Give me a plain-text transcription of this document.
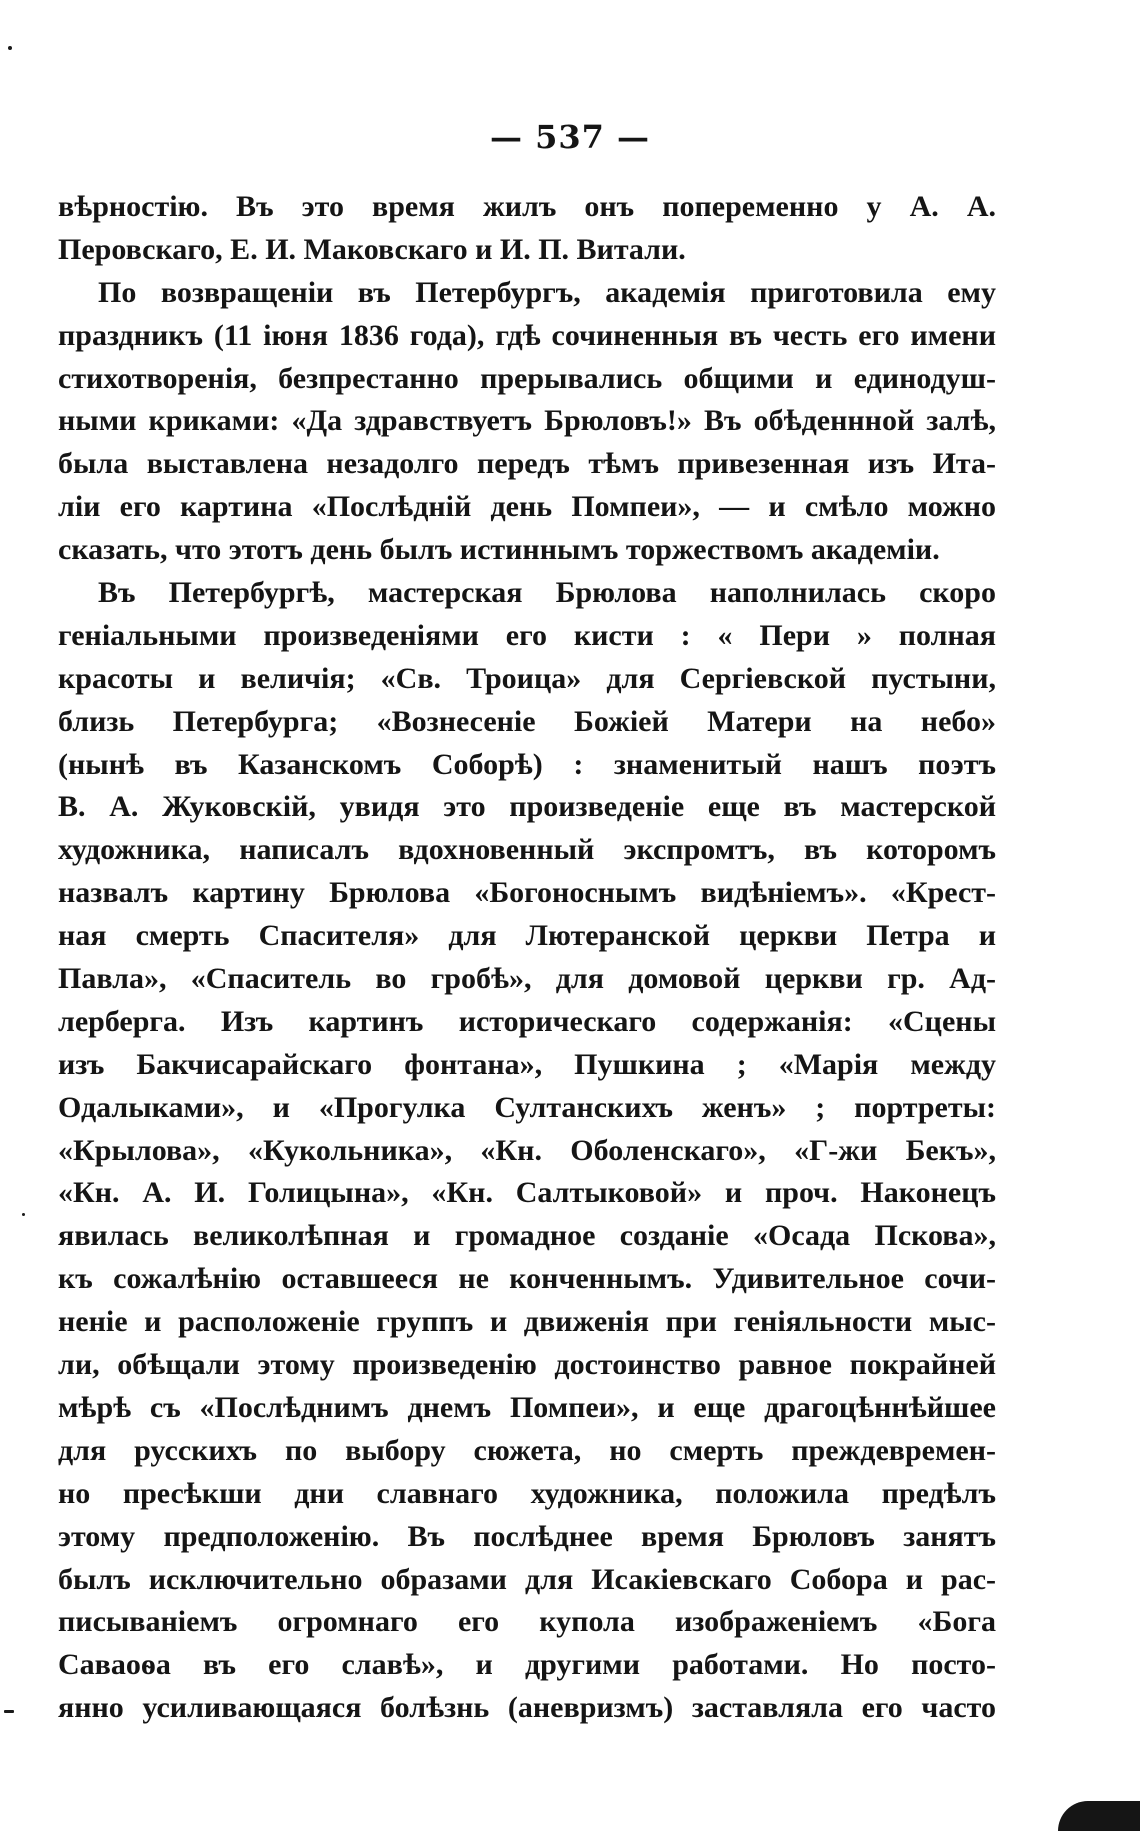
— 537 —
вѣрностію. Въ это время жилъ онъ попеременно у А. А.
Перовскаго, Е. И. Маковскаго и И. П. Витали.
По возвращеніи въ Петербургъ, академія приготовила ему
праздникъ (11 іюня 1836 года), гдѣ сочиненныя въ честь его имени
стихотворенія, безпрестанно прерывались общими и единодуш-
ными криками: «Да здравствуетъ Брюловъ!» Въ обѣденнной залѣ,
была выставлена незадолго передъ тѣмъ привезенная изъ Ита-
ліи его картина «Послѣдній день Помпеи», — и смѣло можно
сказать, что этотъ день былъ истиннымъ торжествомъ академіи.
Въ Петербургѣ, мастерская Брюлова наполнилась скоро
геніальными произведеніями его кисти : « Пери » полная
красоты и величія; «Св. Троица» для Сергіевской пустыни,
близь Петербурга; «Вознесеніе Божіей Матери на небо»
(нынѣ въ Казанскомъ Соборѣ) : знаменитый нашъ поэтъ
В. А. Жуковскій, увидя это произведеніе еще въ мастерской
художника, написалъ вдохновенный экспромтъ, въ которомъ
назвалъ картину Брюлова «Богоноснымъ видѣніемъ». «Крест-
ная смерть Спасителя» для Лютеранской церкви Петра и
Павла», «Спаситель во гробѣ», для домовой церкви гр. Ад-
лерберга. Изъ картинъ историческаго содержанія: «Сцены
изъ Бакчисарайскаго фонтана», Пушкина ; «Марія между
Одалыками», и «Прогулка Султанскихъ женъ» ; портреты:
«Крылова», «Кукольника», «Кн. Оболенскаго», «Г-жи Бекъ»,
«Кн. А. И. Голицына», «Кн. Салтыковой» и проч. Наконецъ
явилась великолѣпная и громадное созданіе «Осада Пскова»,
къ сожалѣнію оставшееся не конченнымъ. Удивительное сочи-
неніе и расположеніе группъ и движенія при геніяльности мыс-
ли, обѣщали этому произведенію достоинство равное покрайней
мѣрѣ съ «Послѣднимъ днемъ Помпеи», и еще драгоцѣннѣйшее
для русскихъ по выбору сюжета, но смерть преждевремен-
но пресѣкши дни славнаго художника, положила предѣлъ
этому предположенію. Въ послѣднее время Брюловъ занятъ
былъ исключительно образами для Исакіевскаго Собора и рас-
писываніемъ огромнаго его купола изображеніемъ «Бога
Саваоѳа въ его славѣ», и другими работами. Но посто-
янно усиливающаяся болѣзнь (аневризмъ) заставляла его часто
